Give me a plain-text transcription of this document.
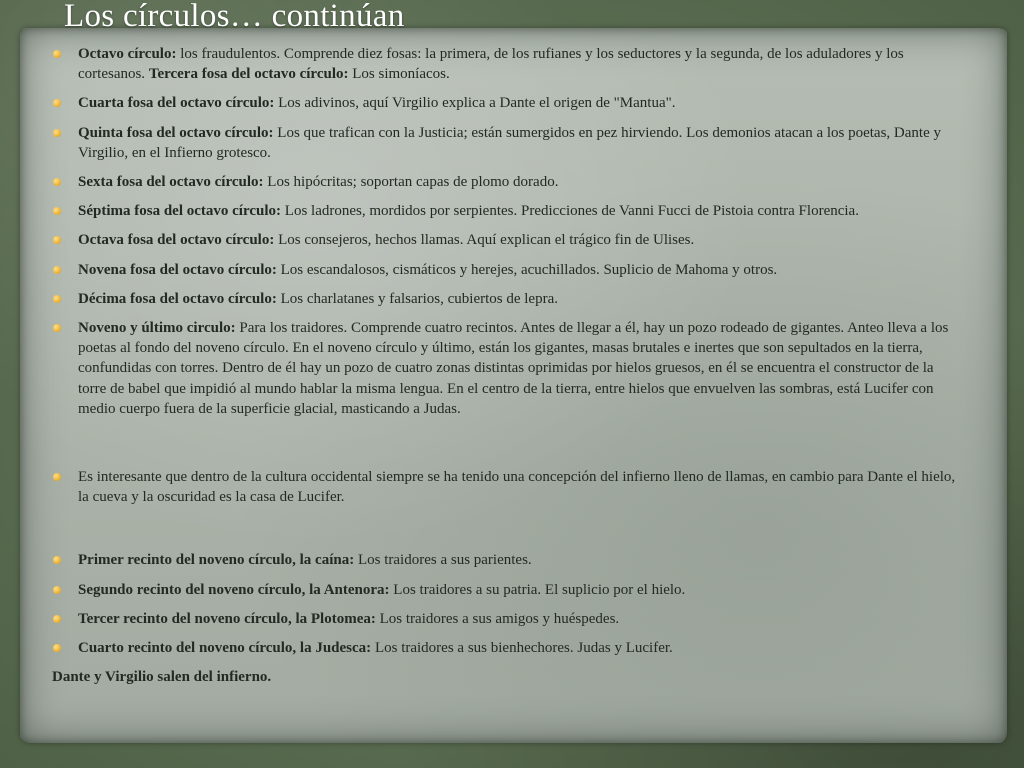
Los círculos… continúan
Octavo círculo: los fraudulentos. Comprende diez fosas: la primera, de los rufianes y los seductores y la segunda, de los aduladores y los cortesanos. Tercera fosa del octavo círculo: Los simoníacos.
Cuarta fosa del octavo círculo: Los adivinos, aquí Virgilio explica a Dante el origen de "Mantua".
Quinta fosa del octavo círculo: Los que trafican con la Justicia; están sumergidos en pez hirviendo. Los demonios atacan a los poetas, Dante y Virgilio, en el Infierno grotesco.
Sexta fosa del octavo círculo: Los hipócritas; soportan capas de plomo dorado.
Séptima fosa del octavo círculo: Los ladrones, mordidos por serpientes. Predicciones de Vanni Fucci de Pistoia contra Florencia.
Octava fosa del octavo círculo: Los consejeros, hechos llamas. Aquí explican el trágico fin de Ulises.
Novena fosa del octavo círculo: Los escandalosos, cismáticos y herejes, acuchillados. Suplicio de Mahoma y otros.
Décima fosa del octavo círculo: Los charlatanes y falsarios, cubiertos de lepra.
Noveno y último circulo: Para los traidores. Comprende cuatro recintos. Antes de llegar a él, hay un pozo rodeado de gigantes. Anteo lleva a los poetas al fondo del noveno círculo. En el noveno círculo y último, están los gigantes, masas brutales e inertes que son sepultados en la tierra, confundidas con torres. Dentro de él hay un pozo de cuatro zonas distintas oprimidas por hielos gruesos, en él se encuentra el constructor de la torre de babel que impidió al mundo hablar la misma lengua. En el centro de la tierra, entre hielos que envuelven las sombras, está Lucifer con medio cuerpo fuera de la superficie glacial, masticando a Judas.
Es interesante que dentro de la cultura occidental siempre se ha tenido una concepción del infierno lleno de llamas, en cambio para Dante el hielo, la cueva y la oscuridad es la casa de Lucifer.
Primer recinto del noveno círculo, la caína: Los traidores a sus parientes.
Segundo recinto del noveno círculo, la Antenora: Los traidores a su patria. El suplicio por el hielo.
Tercer recinto del noveno círculo, la Plotomea: Los traidores a sus amigos y huéspedes.
Cuarto recinto del noveno círculo, la Judesca: Los traidores a sus bienhechores. Judas y Lucifer.

Dante y Virgilio salen del infierno.
